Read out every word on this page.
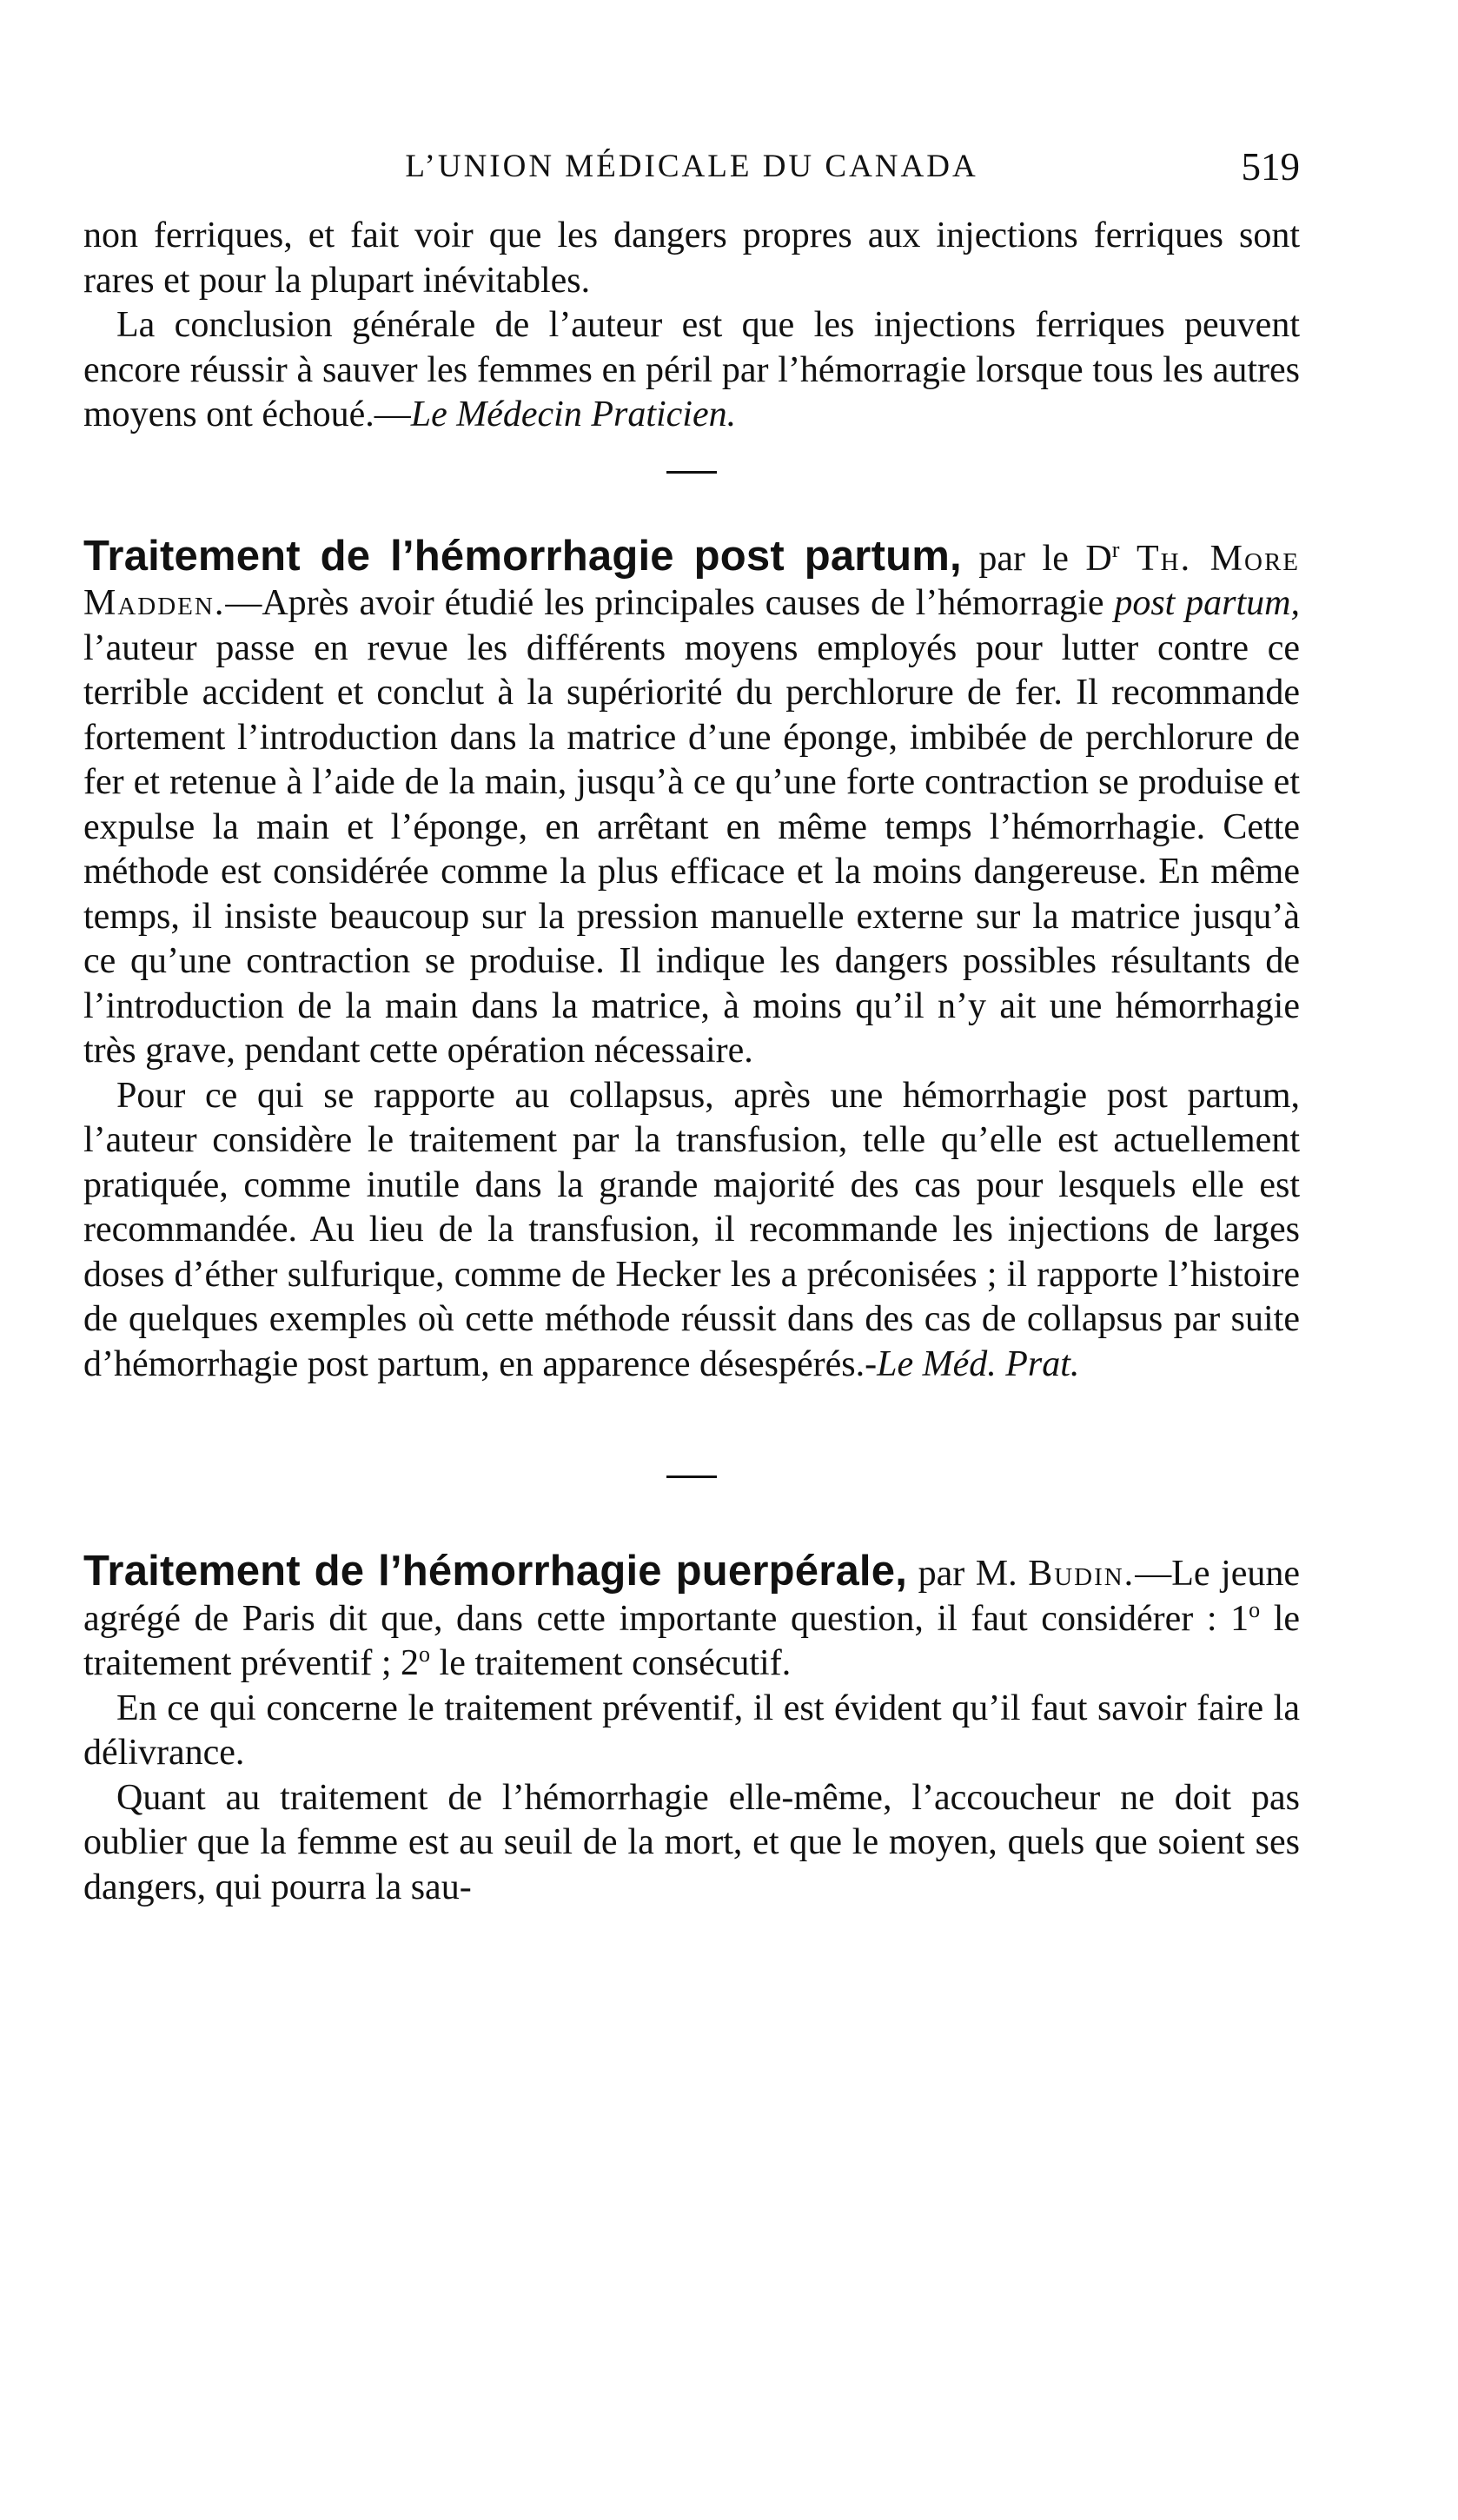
L’UNION MÉDICALE DU CANADA	519

non ferriques, et fait voir que les dangers propres aux injections ferriques sont rares et pour la plupart inévitables.

La conclusion générale de l’auteur est que les injections ferriques peuvent encore réussir à sauver les femmes en péril par l’hémorragie lorsque tous les autres moyens ont échoué.—Le Médecin Praticien.

Traitement de l’hémorrhagie post partum, par le $D^r$ Th. More Madden.—Après avoir étudié les principales causes de l’hémorragie post partum, l’auteur passe en revue les différents moyens employés pour lutter contre ce terrible accident et conclut à la supériorité du perchlorure de fer. Il recommande fortement l’introduction dans la matrice d’une éponge, imbibée de perchlorure de fer et retenue à l’aide de la main, jusqu’à ce qu’une forte contraction se produise et expulse la main et l’éponge, en arrêtant en même temps l’hémorrhagie. Cette méthode est considérée comme la plus efficace et la moins dangereuse. En même temps, il insiste beaucoup sur la pression manuelle externe sur la matrice jusqu’à ce qu’une contraction se produise. Il indique les dangers possibles résultants de l’introduction de la main dans la matrice, à moins qu’il n’y ait une hémorrhagie très grave, pendant cette opération nécessaire.

Pour ce qui se rapporte au collapsus, après une hémorrhagie post partum, l’auteur considère le traitement par la transfusion, telle qu’elle est actuellement pratiquée, comme inutile dans la grande majorité des cas pour lesquels elle est recommandée. Au lieu de la transfusion, il recommande les injections de larges doses d’éther sulfurique, comme de Hecker les a préconisées ; il rapporte l’histoire de quelques exemples où cette méthode réussit dans des cas de collapsus par suite d’hémorrhagie post partum, en apparence désespérés.-Le Méd. Prat.

Traitement de l’hémorrhagie puerpérale, par M. Budin.—Le jeune agrégé de Paris dit que, dans cette importante question, il faut considérer : 1$^o$ le traitement préventif ; 2$^o$ le traitement consécutif.

En ce qui concerne le traitement préventif, il est évident qu’il faut savoir faire la délivrance.

Quant au traitement de l’hémorrhagie elle-même, l’accoucheur ne doit pas oublier que la femme est au seuil de la mort, et que le moyen, quels que soient ses dangers, qui pourra la sau-
